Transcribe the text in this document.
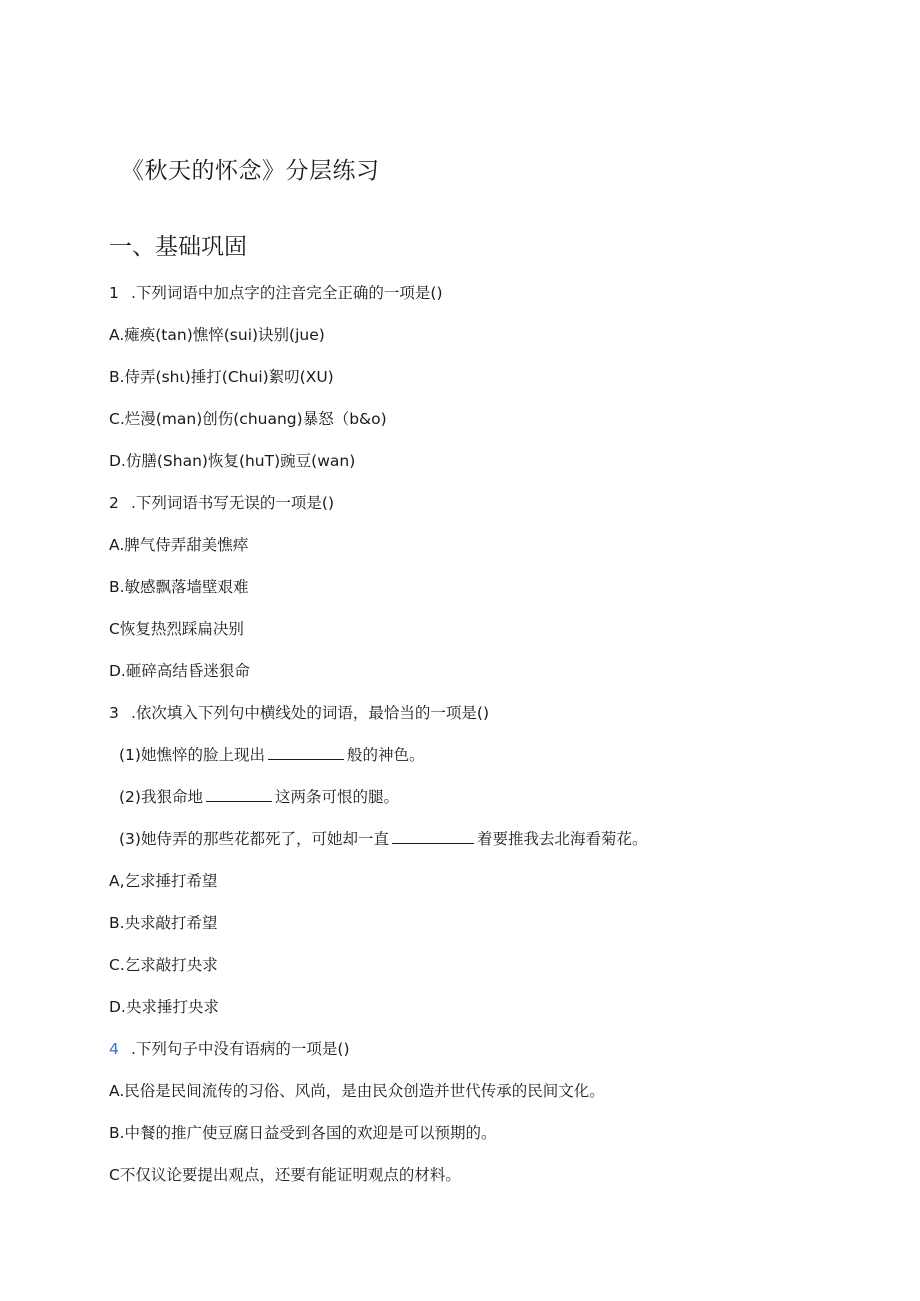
《秋天的怀念》分层练习
一、基础巩固
1 .下列词语中加点字的注音完全正确的一项是()
A.瘫痪(tan)憔悴(sui)诀别(jue)
B.侍弄(shι)捶打(Chui)絮叨(XU)
C.烂漫(man)创伤(chuang)暴怒（b&o)
D.仿膳(Shan)恢复(huT)豌豆(wan)
2 .下列词语书写无误的一项是()
A.脾气侍弄甜美憔瘁
B.敏感飘落墙壁艰难
C恢复热烈踩扁决别
D.砸碎高结昏迷狠命
3 .依次填入下列句中横线处的词语，最恰当的一项是()
(1)她憔悴的脸上现出	般的神色。
(2)我狠命地	这两条可恨的腿。
(3)她侍弄的那些花都死了，可她却一直	着要推我去北海看菊花。
A,乞求捶打希望
B.央求敲打希望
C.乞求敲打央求
D.央求捶打央求
4 .下列句子中没有语病的一项是()
A.民俗是民间流传的习俗、风尚，是由民众创造并世代传承的民间文化。
B.中餐的推广使豆腐日益受到各国的欢迎是可以预期的。
C不仅议论要提出观点，还要有能证明观点的材料。
